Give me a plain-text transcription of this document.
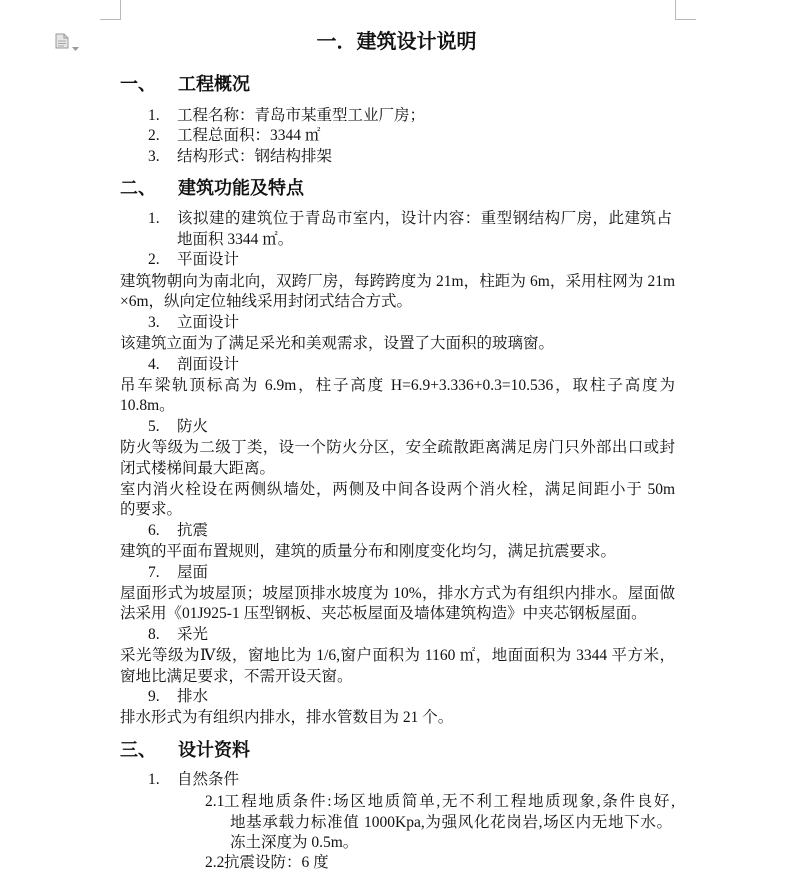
一．建筑设计说明
一、 工程概况
1. 工程名称：青岛市某重型工业厂房；
2. 工程总面积：3344 ㎡
3. 结构形式：钢结构排架
二、 建筑功能及特点
1. 该拟建的建筑位于青岛市室内，设计内容：重型钢结构厂房，此建筑占
地面积 3344 ㎡。
2. 平面设计
建筑物朝向为南北向，双跨厂房，每跨跨度为 21m，柱距为 6m，采用柱网为 21m
×6m，纵向定位轴线采用封闭式结合方式。
3. 立面设计
该建筑立面为了满足采光和美观需求，设置了大面积的玻璃窗。
4. 剖面设计
吊车梁轨顶标高为 6.9m，柱子高度 H=6.9+3.336+0.3=10.536，取柱子高度为
10.8m。
5. 防火
防火等级为二级丁类，设一个防火分区，安全疏散距离满足房门只外部出口或封
闭式楼梯间最大距离。
室内消火栓设在两侧纵墙处，两侧及中间各设两个消火栓，满足间距小于 50m
的要求。
6. 抗震
建筑的平面布置规则，建筑的质量分布和刚度变化均匀，满足抗震要求。
7. 屋面
屋面形式为坡屋顶；坡屋顶排水坡度为 10%，排水方式为有组织内排水。屋面做
法采用《01J925-1 压型钢板、夹芯板屋面及墙体建筑构造》中夹芯钢板屋面。
8. 采光
采光等级为Ⅳ级，窗地比为 1/6,窗户面积为 1160 ㎡，地面面积为 3344 平方米，
窗地比满足要求，不需开设天窗。
9. 排水
排水形式为有组织内排水，排水管数目为 21 个。
三、 设计资料
1. 自然条件
2.1 工程地质条件:场区地质简单,无不利工程地质现象,条件良好,
地基承载力标准值 1000Kpa,为强风化花岗岩,场区内无地下水。
冻土深度为 0.5m。
2.2 抗震设防：6 度
